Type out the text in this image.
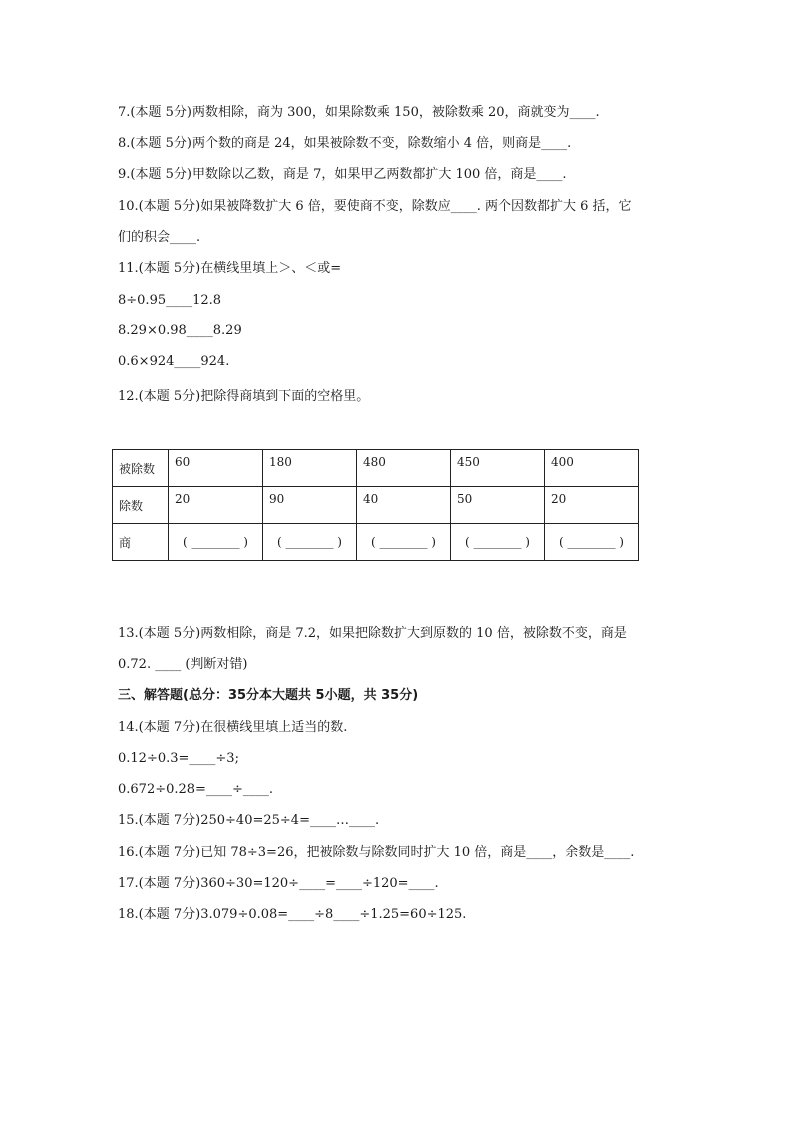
7.(本题 5分)两数相除，商为 300，如果除数乘 150，被除数乘 20，商就变为____.
8.(本题 5分)两个数的商是 24，如果被除数不变，除数缩小 4 倍，则商是____.
9.(本题 5分)甲数除以乙数，商是 7，如果甲乙两数都扩大 100 倍，商是____.
10.(本题 5分)如果被降数扩大 6 倍，要使商不变，除数应____. 两个因数都扩大 6 括，它
们的积会____.
11.(本题 5分)在横线里填上＞、＜或=
8÷0.95____12.8
8.29×0.98____8.29
0.6×924____924.
12.(本题 5分)把除得商填到下面的空格里。
被除数	60	180	480	450	400
除数	20	90	40	50	20
商	( ________ )	( ________ )	( ________ )	( ________ )	( ________ )
13.(本题 5分)两数相除，商是 7.2，如果把除数扩大到原数的 10 倍，被除数不变，商是
0.72. ____ (判断对错)
三、解答题(总分：35分本大题共 5小题，共 35分)
14.(本题 7分)在很横线里填上适当的数.
0.12÷0.3=____÷3;
0.672÷0.28=____÷____.
15.(本题 7分)250÷40=25÷4=____…____.
16.(本题 7分)已知 78÷3=26，把被除数与除数同时扩大 10 倍，商是____，余数是____.
17.(本题 7分)360÷30=120÷____=____÷120=____.
18.(本题 7分)3.079÷0.08=____÷8____÷1.25=60÷125.
